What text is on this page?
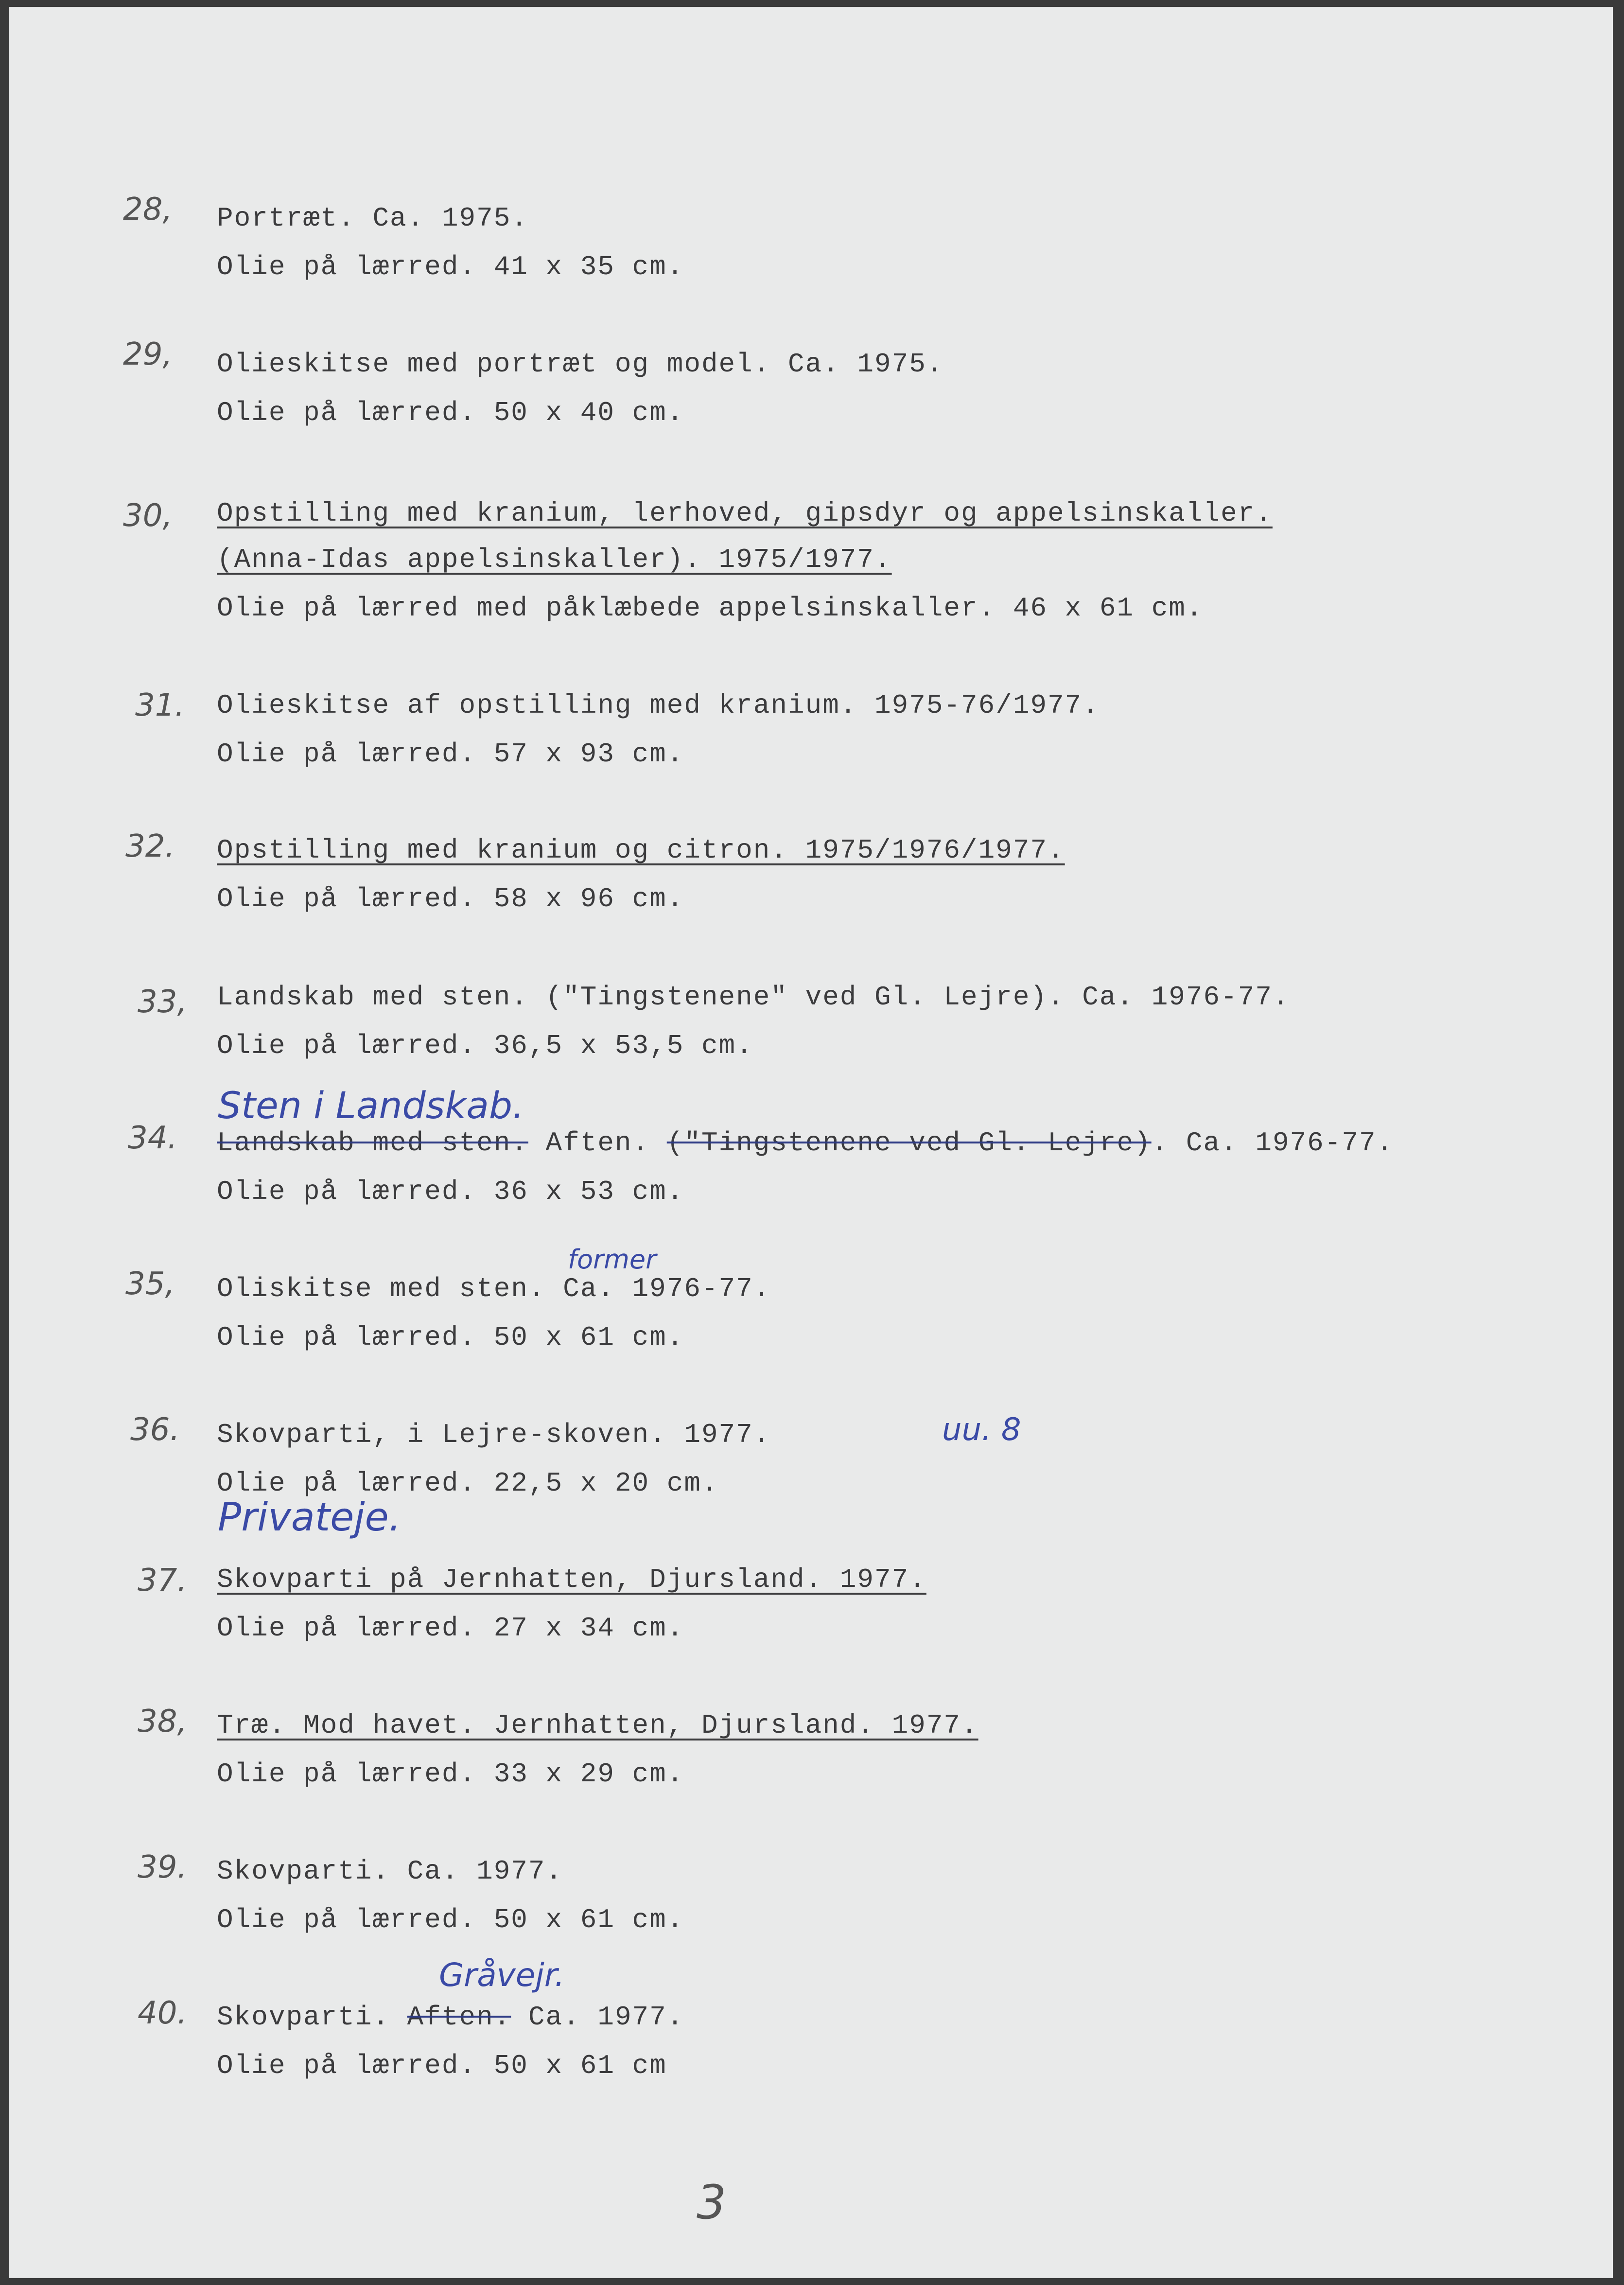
28, Portræt. Ca. 1975.
Olie på lærred. 41 x 35 cm.
29, Olieskitse med portræt og model. Ca. 1975.
Olie på lærred. 50 x 40 cm.
30, Opstilling med kranium, lerhoved, gipsdyr og appelsinskaller.
(Anna-Idas appelsinskaller). 1975/1977.
Olie på lærred med påklæbede appelsinskaller. 46 x 61 cm.
31. Olieskitse af opstilling med kranium. 1975-76/1977.
Olie på lærred. 57 x 93 cm.
32. Opstilling med kranium og citron. 1975/1976/1977.
Olie på lærred. 58 x 96 cm.
33, Landskab med sten. ("Tingstenene" ved Gl. Lejre). Ca. 1976-77.
Olie på lærred. 36,5 x 53,5 cm.
Sten i Landskab.
34. Landskab med sten. Aften. ("Tingstenene ved Gl. Lejre). Ca. 1976-77.
Olie på lærred. 36 x 53 cm.
former
35, Oliskitse med sten. Ca. 1976-77.
Olie på lærred. 50 x 61 cm.
36. Skovparti, i Lejre-skoven. 1977.	uu. 8
Olie på lærred. 22,5 x 20 cm.
Privateje.
37. Skovparti på Jernhatten, Djursland. 1977.
Olie på lærred. 27 x 34 cm.
38, Træ. Mod havet. Jernhatten, Djursland. 1977.
Olie på lærred. 33 x 29 cm.
39. Skovparti. Ca. 1977.
Olie på lærred. 50 x 61 cm.
Gråvejr.
40. Skovparti. Aften. Ca. 1977.
Olie på lærred. 50 x 61 cm
3
